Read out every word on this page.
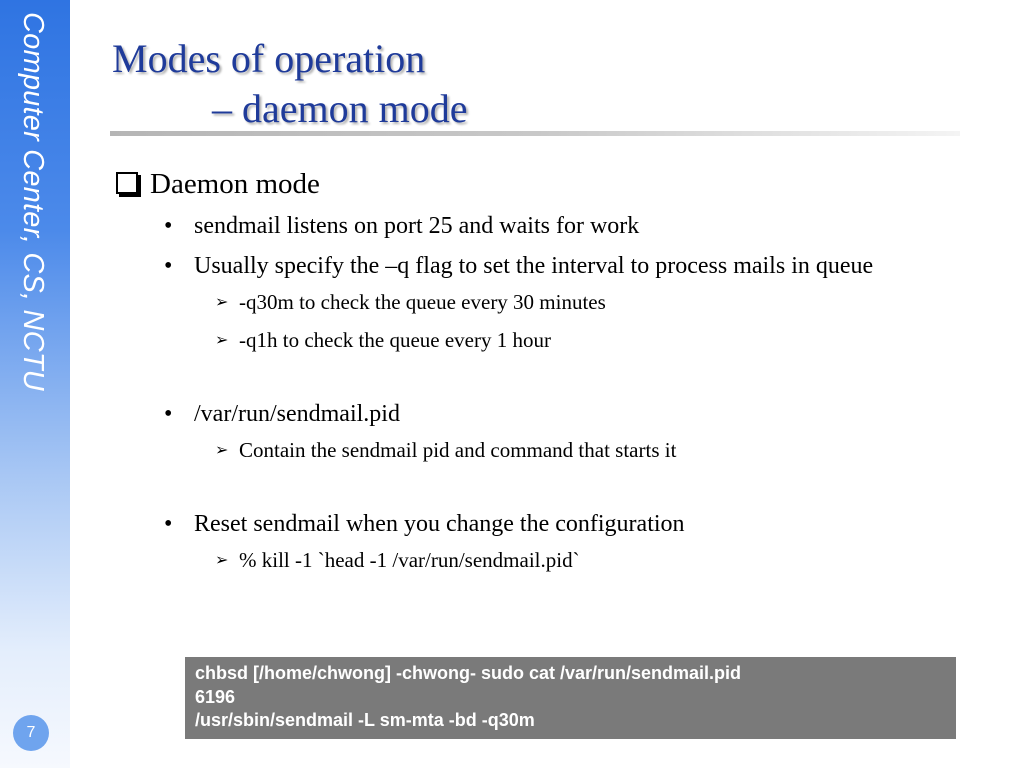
Computer Center, CS, NCTU
7
Modes of operation
– daemon mode
Daemon mode
• sendmail listens on port 25 and waits for work
• Usually specify the –q flag to set the interval to process mails in queue
➢ -q30m to check the queue every 30 minutes
➢ -q1h to check the queue every 1 hour
• /var/run/sendmail.pid
➢ Contain the sendmail pid and command that starts it
• Reset sendmail when you change the configuration
➢ % kill -1 `head -1 /var/run/sendmail.pid`
chbsd [/home/chwong] -chwong- sudo cat /var/run/sendmail.pid
6196
/usr/sbin/sendmail -L sm-mta -bd -q30m
